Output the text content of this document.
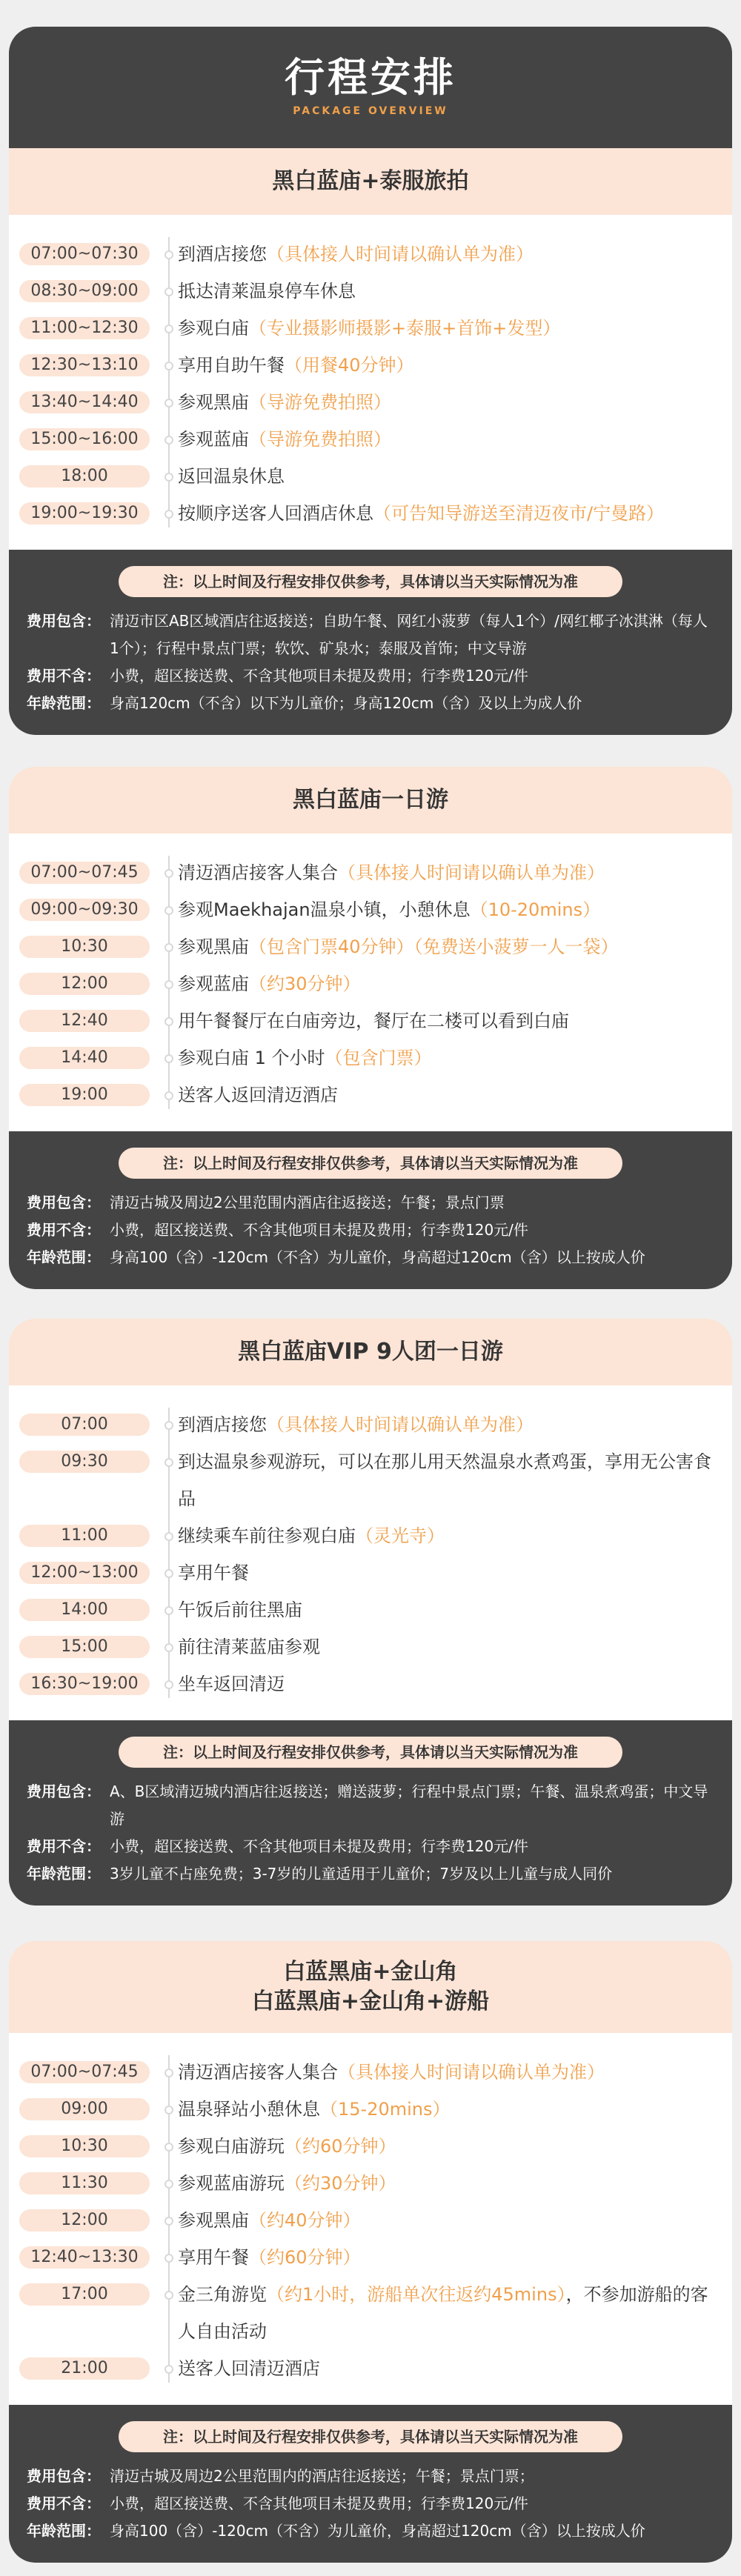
行程安排
PACKAGE OVERVIEW
黑白蓝庙+泰服旅拍
07:00~07:30	到酒店接您（具体接人时间请以确认单为准）
08:30~09:00	抵达清莱温泉停车休息
11:00~12:30	参观白庙（专业摄影师摄影+泰服+首饰+发型）
12:30~13:10	享用自助午餐（用餐40分钟）
13:40~14:40	参观黑庙（导游免费拍照）
15:00~16:00	参观蓝庙（导游免费拍照）
18:00	返回温泉休息
19:00~19:30	按顺序送客人回酒店休息（可告知导游送至清迈夜市/宁曼路）
注：以上时间及行程安排仅供参考，具体请以当天实际情况为准
费用包含： 清迈市区AB区域酒店往返接送；自助午餐、网红小菠萝（每人1个）/网红椰子冰淇淋（每人1个）；行程中景点门票；软饮、矿泉水；泰服及首饰；中文导游
费用不含： 小费，超区接送费、不含其他项目未提及费用；行李费120元/件
年龄范围： 身高120cm（不含）以下为儿童价；身高120cm（含）及以上为成人价
黑白蓝庙一日游
07:00~07:45	清迈酒店接客人集合（具体接人时间请以确认单为准）
09:00~09:30	参观Maekhajan温泉小镇，小憩休息（10-20mins）
10:30	参观黑庙（包含门票40分钟）（免费送小菠萝一人一袋）
12:00	参观蓝庙（约30分钟）
12:40	用午餐餐厅在白庙旁边，餐厅在二楼可以看到白庙
14:40	参观白庙 1 个小时（包含门票）
19:00	送客人返回清迈酒店
注：以上时间及行程安排仅供参考，具体请以当天实际情况为准
费用包含： 清迈古城及周边2公里范围内酒店往返接送；午餐；景点门票
费用不含： 小费，超区接送费、不含其他项目未提及费用；行李费120元/件
年龄范围： 身高100（含）-120cm（不含）为儿童价，身高超过120cm（含）以上按成人价
黑白蓝庙VIP 9人团一日游
07:00	到酒店接您（具体接人时间请以确认单为准）
09:30	到达温泉参观游玩，可以在那儿用天然温泉水煮鸡蛋，享用无公害食品
11:00	继续乘车前往参观白庙（灵光寺）
12:00~13:00	享用午餐
14:00	午饭后前往黑庙
15:00	前往清莱蓝庙参观
16:30~19:00	坐车返回清迈
注：以上时间及行程安排仅供参考，具体请以当天实际情况为准
费用包含： A、B区域清迈城内酒店往返接送；赠送菠萝；行程中景点门票；午餐、温泉煮鸡蛋；中文导游
费用不含： 小费，超区接送费、不含其他项目未提及费用；行李费120元/件
年龄范围： 3岁儿童不占座免费；3-7岁的儿童适用于儿童价；7岁及以上儿童与成人同价
白蓝黑庙+金山角
白蓝黑庙+金山角+游船
07:00~07:45	清迈酒店接客人集合（具体接人时间请以确认单为准）
09:00	温泉驿站小憩休息（15-20mins）
10:30	参观白庙游玩（约60分钟）
11:30	参观蓝庙游玩（约30分钟）
12:00	参观黑庙（约40分钟）
12:40~13:30	享用午餐（约60分钟）
17:00	金三角游览（约1小时，游船单次往返约45mins），不参加游船的客人自由活动
21:00	送客人回清迈酒店
注：以上时间及行程安排仅供参考，具体请以当天实际情况为准
费用包含： 清迈古城及周边2公里范围内的酒店往返接送；午餐；景点门票；
费用不含： 小费，超区接送费、不含其他项目未提及费用；行李费120元/件
年龄范围： 身高100（含）-120cm（不含）为儿童价，身高超过120cm（含）以上按成人价
